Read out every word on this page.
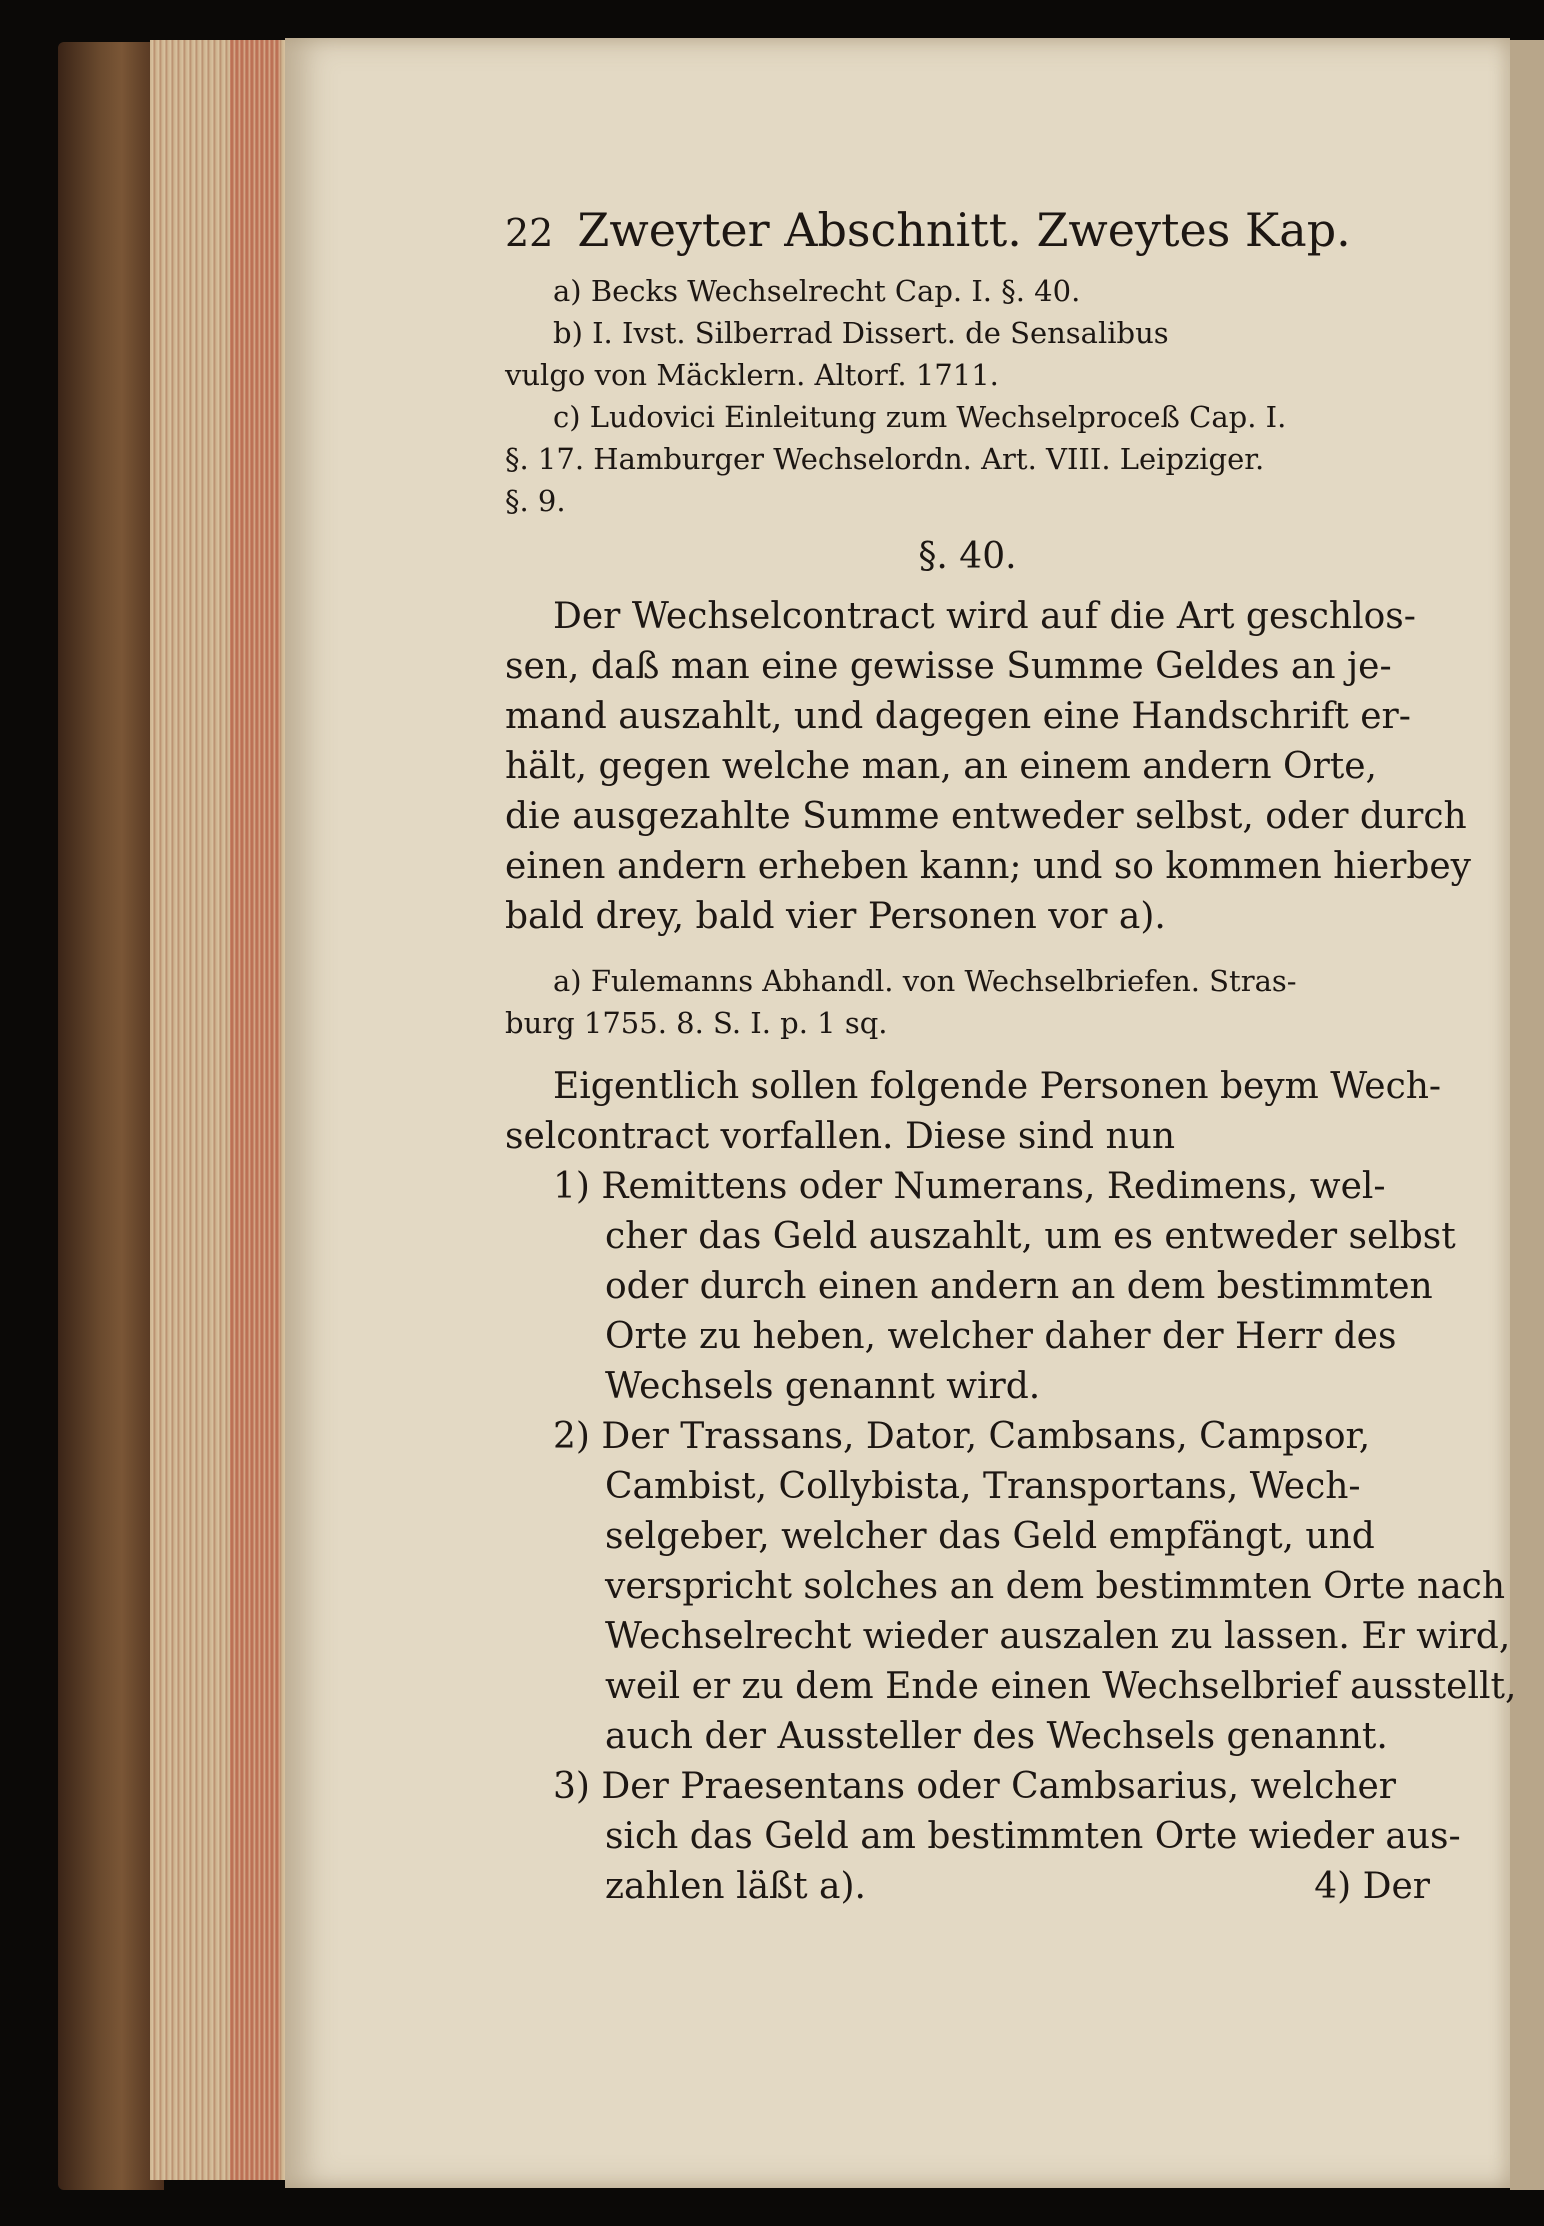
22 Zweyter Abschnitt. Zweytes Kap.
a) Becks Wechselrecht Cap. I. §. 40.
b) I. Ivst. Silberrad Dissert. de Sensalibus
vulgo von Mäcklern. Altorf. 1711.
c) Ludovici Einleitung zum Wechselproceß Cap. I.
§. 17. Hamburger Wechselordn. Art. VIII. Leipziger.
§. 9.
§. 40.
Der Wechselcontract wird auf die Art geschlos-
sen, daß man eine gewisse Summe Geldes an je-
mand auszahlt, und dagegen eine Handschrift er-
hält, gegen welche man, an einem andern Orte,
die ausgezahlte Summe entweder selbst, oder durch
einen andern erheben kann; und so kommen hierbey
bald drey, bald vier Personen vor a).
a) Fulemanns Abhandl. von Wechselbriefen. Stras-
burg 1755. 8. S. I. p. 1 sq.
Eigentlich sollen folgende Personen beym Wech-
selcontract vorfallen. Diese sind nun
1) Remittens oder Numerans, Redimens, wel-
cher das Geld auszahlt, um es entweder selbst
oder durch einen andern an dem bestimmten
Orte zu heben, welcher daher der Herr des
Wechsels genannt wird.
2) Der Trassans, Dator, Cambsans, Campsor,
Cambist, Collybista, Transportans, Wech-
selgeber, welcher das Geld empfängt, und
verspricht solches an dem bestimmten Orte nach
Wechselrecht wieder auszalen zu lassen. Er wird,
weil er zu dem Ende einen Wechselbrief ausstellt,
auch der Aussteller des Wechsels genannt.
3) Der Praesentans oder Cambsarius, welcher
sich das Geld am bestimmten Orte wieder aus-
zahlen läßt a).	4) Der
